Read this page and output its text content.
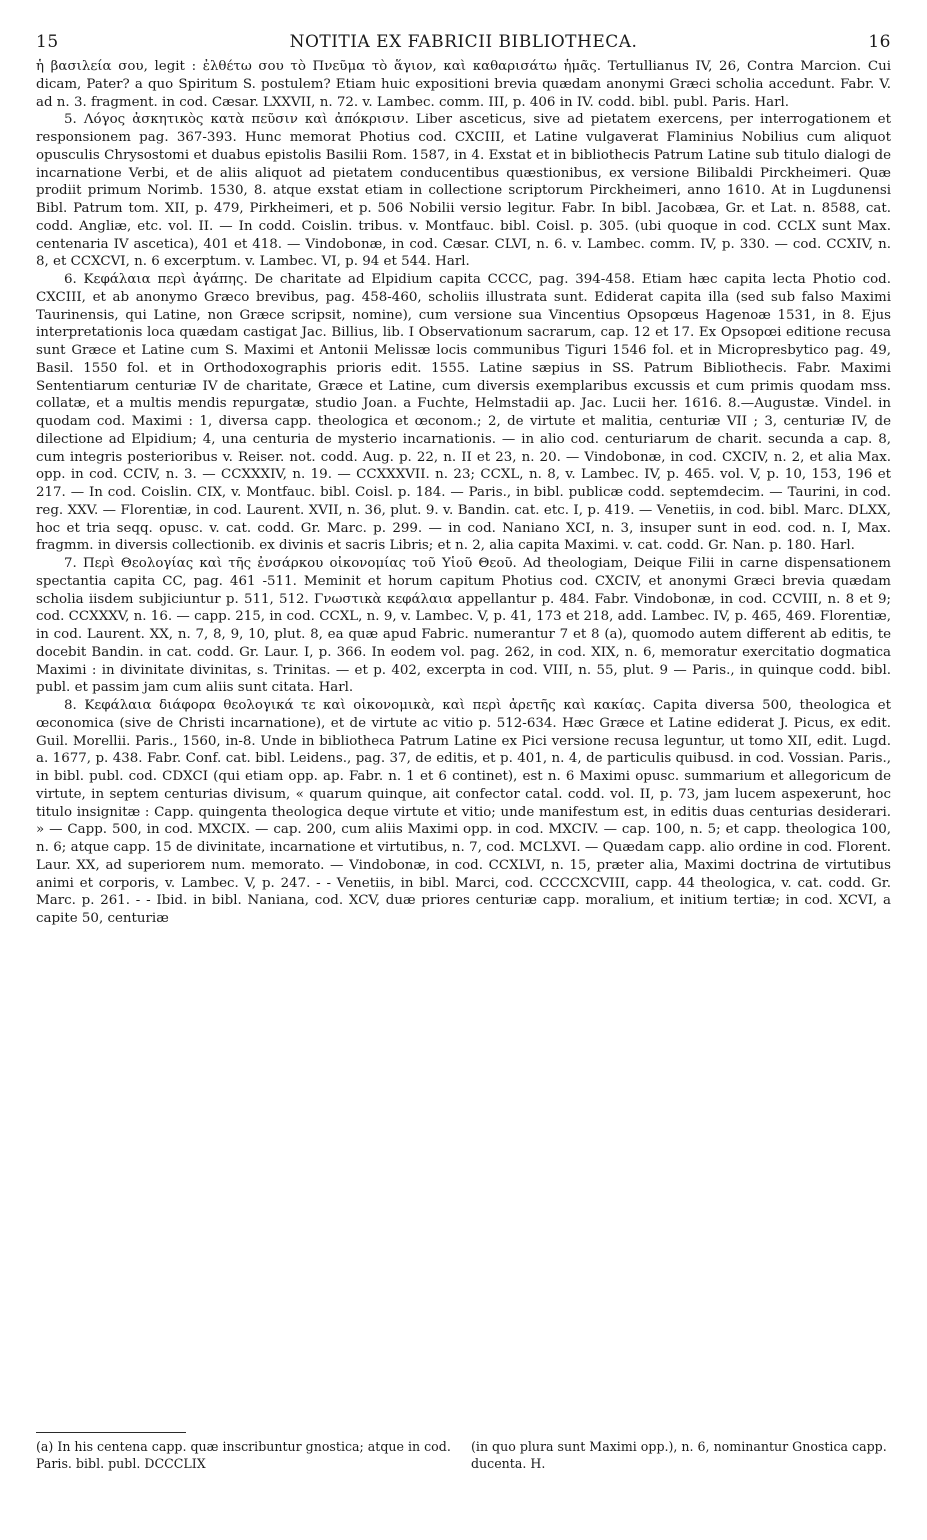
15	NOTITIA EX FABRICII BIBLIOTHECA.	16

ἡ βασιλεία σου, legit : ἐλθέτω σου τὸ Πνεῦμα τὸ ἅγιον, καὶ καθαρισάτω ἡμᾶς. Tertullianus IV, 26, Contra Marcion. Cui dicam, Pater? a quo Spiritum S. postulem? Etiam huic expositioni brevia quædam anonymi Græci scholia accedunt. Fabr. V. ad n. 3. fragment. in cod. Cæsar. LXXVII, n. 72. v. Lambec. comm. III, p. 406 in IV. codd. bibl. publ. Paris. Harl.

5. Λόγος ἀσκητικὸς κατὰ πεῦσιν καὶ ἀπόκρισιν. Liber asceticus, sive ad pietatem exercens, per interrogationem et responsionem pag. 367-393. Hunc memorat Photius cod. CXCIII, et Latine vulgaverat Flaminius Nobilius cum aliquot opusculis Chrysostomi et duabus epistolis Basilii Rom. 1587, in 4. Exstat et in bibliothecis Patrum Latine sub titulo dialogi de incarnatione Verbi, et de aliis aliquot ad pietatem conducentibus quæstionibus, ex versione Bilibaldi Pirckheimeri. Quæ prodiit primum Norimb. 1530, 8. atque exstat etiam in collectione scriptorum Pirckheimeri, anno 1610. At in Lugdunensi Bibl. Patrum tom. XII, p. 479, Pirkheimeri, et p. 506 Nobilii versio legitur. Fabr. In bibl. Jacobæa, Gr. et Lat. n. 8588, cat. codd. Angliæ, etc. vol. II. — In codd. Coislin. tribus. v. Montfauc. bibl. Coisl. p. 305. (ubi quoque in cod. CCLX sunt Max. centenaria IV ascetica), 401 et 418. — Vindobonæ, in cod. Cæsar. CLVI, n. 6. v. Lambec. comm. IV, p. 330. — cod. CCXIV, n. 8, et CCXCVI, n. 6 excerptum. v. Lambec. VI, p. 94 et 544. Harl.

6. Κεφάλαια περὶ ἀγάπης. De charitate ad Elpidium capita CCCC, pag. 394-458. Etiam hæc capita lecta Photio cod. CXCIII, et ab anonymo Græco brevibus, pag. 458-460, scholiis illustrata sunt. Ediderat capita illa (sed sub falso Maximi Taurinensis, qui Latine, non Græce scripsit, nomine), cum versione sua Vincentius Opsopœus Hagenoæ 1531, in 8. Ejus interpretationis loca quædam castigat Jac. Billius, lib. I Observationum sacrarum, cap. 12 et 17. Ex Opsopœi editione recusa sunt Græce et Latine cum S. Maximi et Antonii Melissæ locis communibus Tiguri 1546 fol. et in Micropresbytico pag. 49, Basil. 1550 fol. et in Orthodoxographis prioris edit. 1555. Latine sæpius in SS. Patrum Bibliothecis. Fabr. Maximi Sententiarum centuriæ IV de charitate, Græce et Latine, cum diversis exemplaribus excussis et cum primis quodam mss. collatæ, et a multis mendis repurgatæ, studio Joan. a Fuchte, Helmstadii ap. Jac. Lucii her. 1616. 8.—Augustæ. Vindel. in quodam cod. Maximi : 1, diversa capp. theologica et œconom.; 2, de virtute et malitia, centuriæ VII ; 3, centuriæ IV, de dilectione ad Elpidium; 4, una centuria de mysterio incarnationis. — in alio cod. centuriarum de charit. secunda a cap. 8, cum integris posterioribus v. Reiser. not. codd. Aug. p. 22, n. II et 23, n. 20. — Vindobonæ, in cod. CXCIV, n. 2, et alia Max. opp. in cod. CCIV, n. 3. — CCXXXIV, n. 19. — CCXXXVII. n. 23; CCXL, n. 8, v. Lambec. IV, p. 465. vol. V, p. 10, 153, 196 et 217. — In cod. Coislin. CIX, v. Montfauc. bibl. Coisl. p. 184. — Paris., in bibl. publicæ codd. septemdecim. — Taurini, in cod. reg. XXV. — Florentiæ, in cod. Laurent. XVII, n. 36, plut. 9. v. Bandin. cat. etc. I, p. 419. — Venetiis, in cod. bibl. Marc. DLXX, hoc et tria seqq. opusc. v. cat. codd. Gr. Marc. p. 299. — in cod. Naniano XCI, n. 3, insuper sunt in eod. cod. n. I, Max. fragmm. in diversis collectionib. ex divinis et sacris Libris; et n. 2, alia capita Maximi. v. cat. codd. Gr. Nan. p. 180. Harl.

7. Περὶ Θεολογίας καὶ τῆς ἐνσάρκου οἰκονομίας τοῦ Υἱοῦ Θεοῦ. Ad theologiam, Deique Filii in carne dispensationem spectantia capita CC, pag. 461 -511. Meminit et horum capitum Photius cod. CXCIV, et anonymi Græci brevia quædam scholia iisdem subjiciuntur p. 511, 512. Γνωστικὰ κεφάλαια appellantur p. 484. Fabr. Vindobonæ, in cod. CCVIII, n. 8 et 9; cod. CCXXXV, n. 16. — capp. 215, in cod. CCXL, n. 9, v. Lambec. V, p. 41, 173 et 218, add. Lambec. IV, p. 465, 469. Florentiæ, in cod. Laurent. XX, n. 7, 8, 9, 10, plut. 8, ea quæ apud Fabric. numerantur 7 et 8 (a), quomodo autem different ab editis, te docebit Bandin. in cat. codd. Gr. Laur. I, p. 366. In eodem vol. pag. 262, in cod. XIX, n. 6, memoratur exercitatio dogmatica Maximi : in divinitate divinitas, s. Trinitas. — et p. 402, excerpta in cod. VIII, n. 55, plut. 9 — Paris., in quinque codd. bibl. publ. et passim jam cum aliis sunt citata. Harl.

8. Κεφάλαια διάφορα θεολογικά τε καὶ οἰκονομικὰ, καὶ περὶ ἀρετῆς καὶ κακίας. Capita diversa 500, theologica et œconomica (sive de Christi incarnatione), et de virtute ac vitio p. 512-634. Hæc Græce et Latine ediderat J. Picus, ex edit. Guil. Morellii. Paris., 1560, in-8. Unde in bibliotheca Patrum Latine ex Pici versione recusa leguntur, ut tomo XII, edit. Lugd. a. 1677, p. 438. Fabr. Conf. cat. bibl. Leidens., pag. 37, de editis, et p. 401, n. 4, de particulis quibusd. in cod. Vossian. Paris., in bibl. publ. cod. CDXCI (qui etiam opp. ap. Fabr. n. 1 et 6 continet), est n. 6 Maximi opusc. summarium et allegoricum de virtute, in septem centurias divisum, « quarum quinque, ait confector catal. codd. vol. II, p. 73, jam lucem aspexerunt, hoc titulo insignitæ : Capp. quingenta theologica deque virtute et vitio; unde manifestum est, in editis duas centurias desiderari. » — Capp. 500, in cod. MXCIX. — cap. 200, cum aliis Maximi opp. in cod. MXCIV. — cap. 100, n. 5; et capp. theologica 100, n. 6; atque capp. 15 de divinitate, incarnatione et virtutibus, n. 7, cod. MCLXVI. — Quædam capp. alio ordine in cod. Florent. Laur. XX, ad superiorem num. memorato. — Vindobonæ, in cod. CCXLVI, n. 15, præter alia, Maximi doctrina de virtutibus animi et corporis, v. Lambec. V, p. 247. - - Venetiis, in bibl. Marci, cod. CCCCXCVIII, capp. 44 theologica, v. cat. codd. Gr. Marc. p. 261. - - Ibid. in bibl. Naniana, cod. XCV, duæ priores centuriæ capp. moralium, et initium tertiæ; in cod. XCVI, a capite 50, centuriæ

(a) In his centena capp. quæ inscribuntur gnostica; atque in cod. Paris. bibl. publ. DCCCLIX
(in quo plura sunt Maximi opp.), n. 6, nominantur Gnostica capp. ducenta. H.
